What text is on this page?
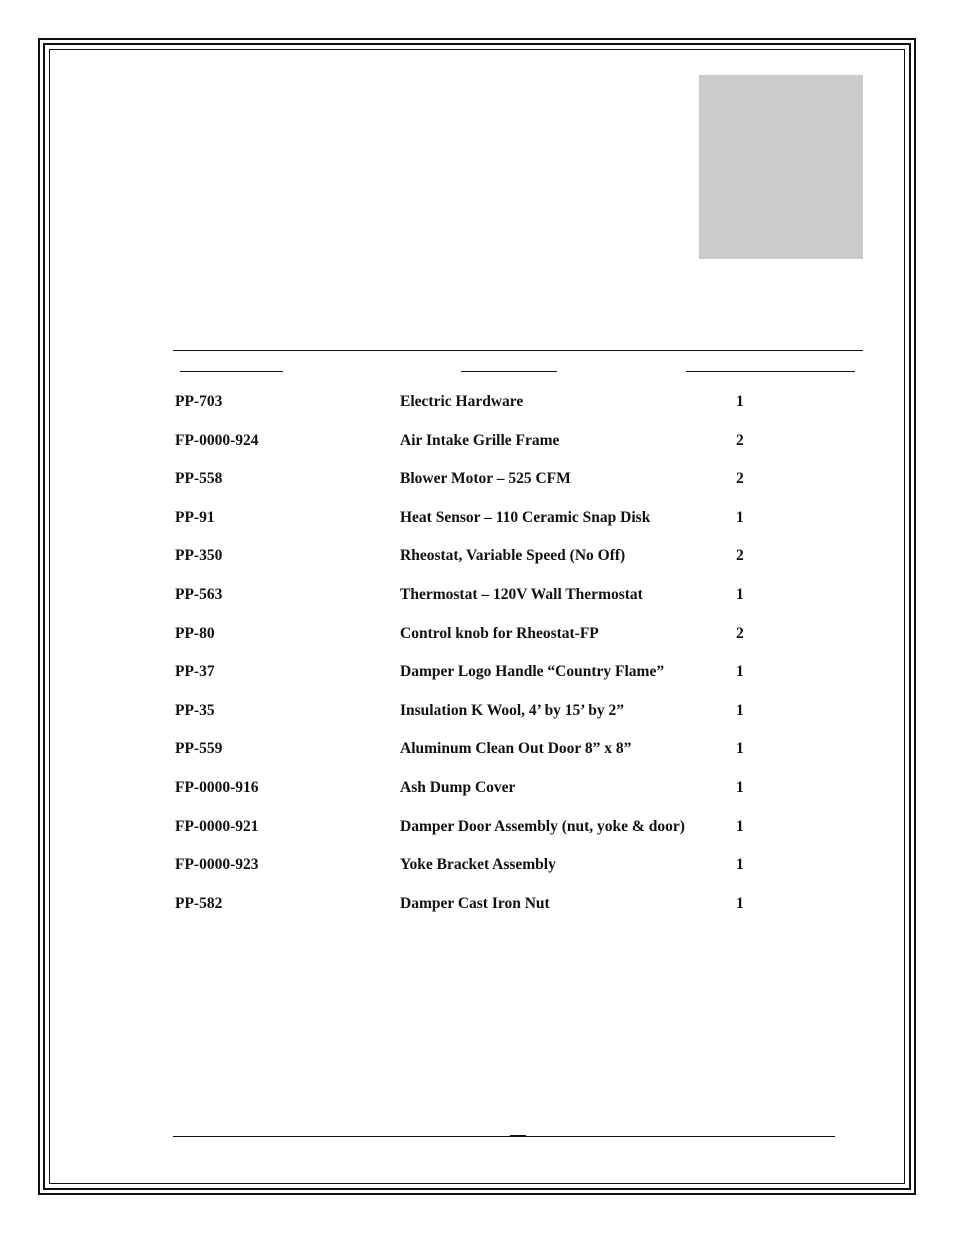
PP-703	Electric Hardware	1
FP-0000-924	Air Intake Grille Frame	2
PP-558	Blower Motor – 525 CFM	2
PP-91	Heat Sensor – 110 Ceramic Snap Disk	1
PP-350	Rheostat, Variable Speed (No Off)	2
PP-563	Thermostat – 120V Wall Thermostat	1
PP-80	Control knob for Rheostat-FP	2
PP-37	Damper Logo Handle “Country Flame”	1
PP-35	Insulation K Wool, 4’ by 15’ by 2”	1
PP-559	Aluminum Clean Out Door 8” x 8”	1
FP-0000-916	Ash Dump Cover	1
FP-0000-921	Damper Door Assembly (nut, yoke & door)	1
FP-0000-923	Yoke Bracket Assembly	1
PP-582	Damper Cast Iron Nut	1
